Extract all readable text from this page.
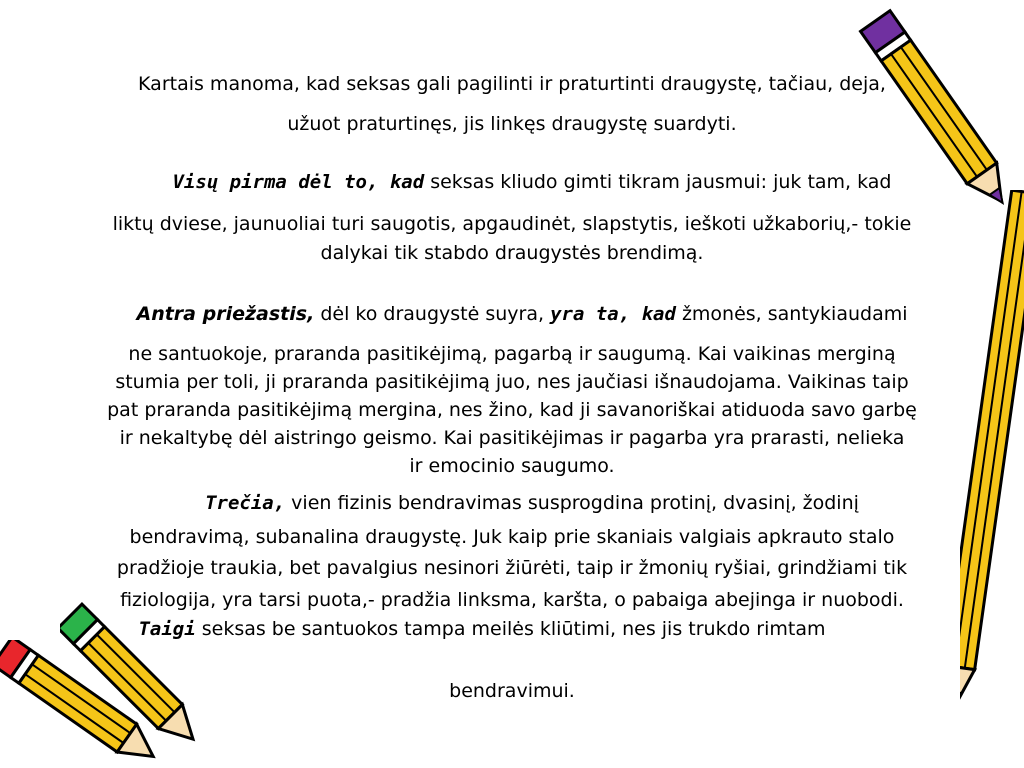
Kartais manoma, kad seksas gali pagilinti ir praturtinti draugystę, tačiau, deja,
užuot praturtinęs, jis linkęs draugystę suardyti.
Visų pirma dėl to, kad seksas kliudo gimti tikram jausmui: juk tam, kad
liktų dviese, jaunuoliai turi saugotis, apgaudinėt, slapstytis, ieškoti užkaborių,- tokie
dalykai tik stabdo draugystės brendimą.
Antra priežastis, dėl ko draugystė suyra, yra ta, kad žmonės, santykiaudami
ne santuokoje, praranda pasitikėjimą, pagarbą ir saugumą. Kai vaikinas merginą
stumia per toli, ji praranda pasitikėjimą juo, nes jaučiasi išnaudojama. Vaikinas taip
pat praranda pasitikėjimą mergina, nes žino, kad ji savanoriškai atiduoda savo garbę
ir nekaltybę dėl aistringo geismo. Kai pasitikėjimas ir pagarba yra prarasti, nelieka
ir emocinio saugumo.
Trečia, vien fizinis bendravimas susprogdina protinį, dvasinį, žodinį
bendravimą, subanalina draugystę. Juk kaip prie skaniais valgiais apkrauto stalo
pradžioje traukia, bet pavalgius nesinori žiūrėti, taip ir žmonių ryšiai, grindžiami tik
fiziologija, yra tarsi puota,- pradžia linksma, karšta, o pabaiga abejinga ir nuobodi.
Taigi seksas be santuokos tampa meilės kliūtimi, nes jis trukdo rimtam
bendravimui.
